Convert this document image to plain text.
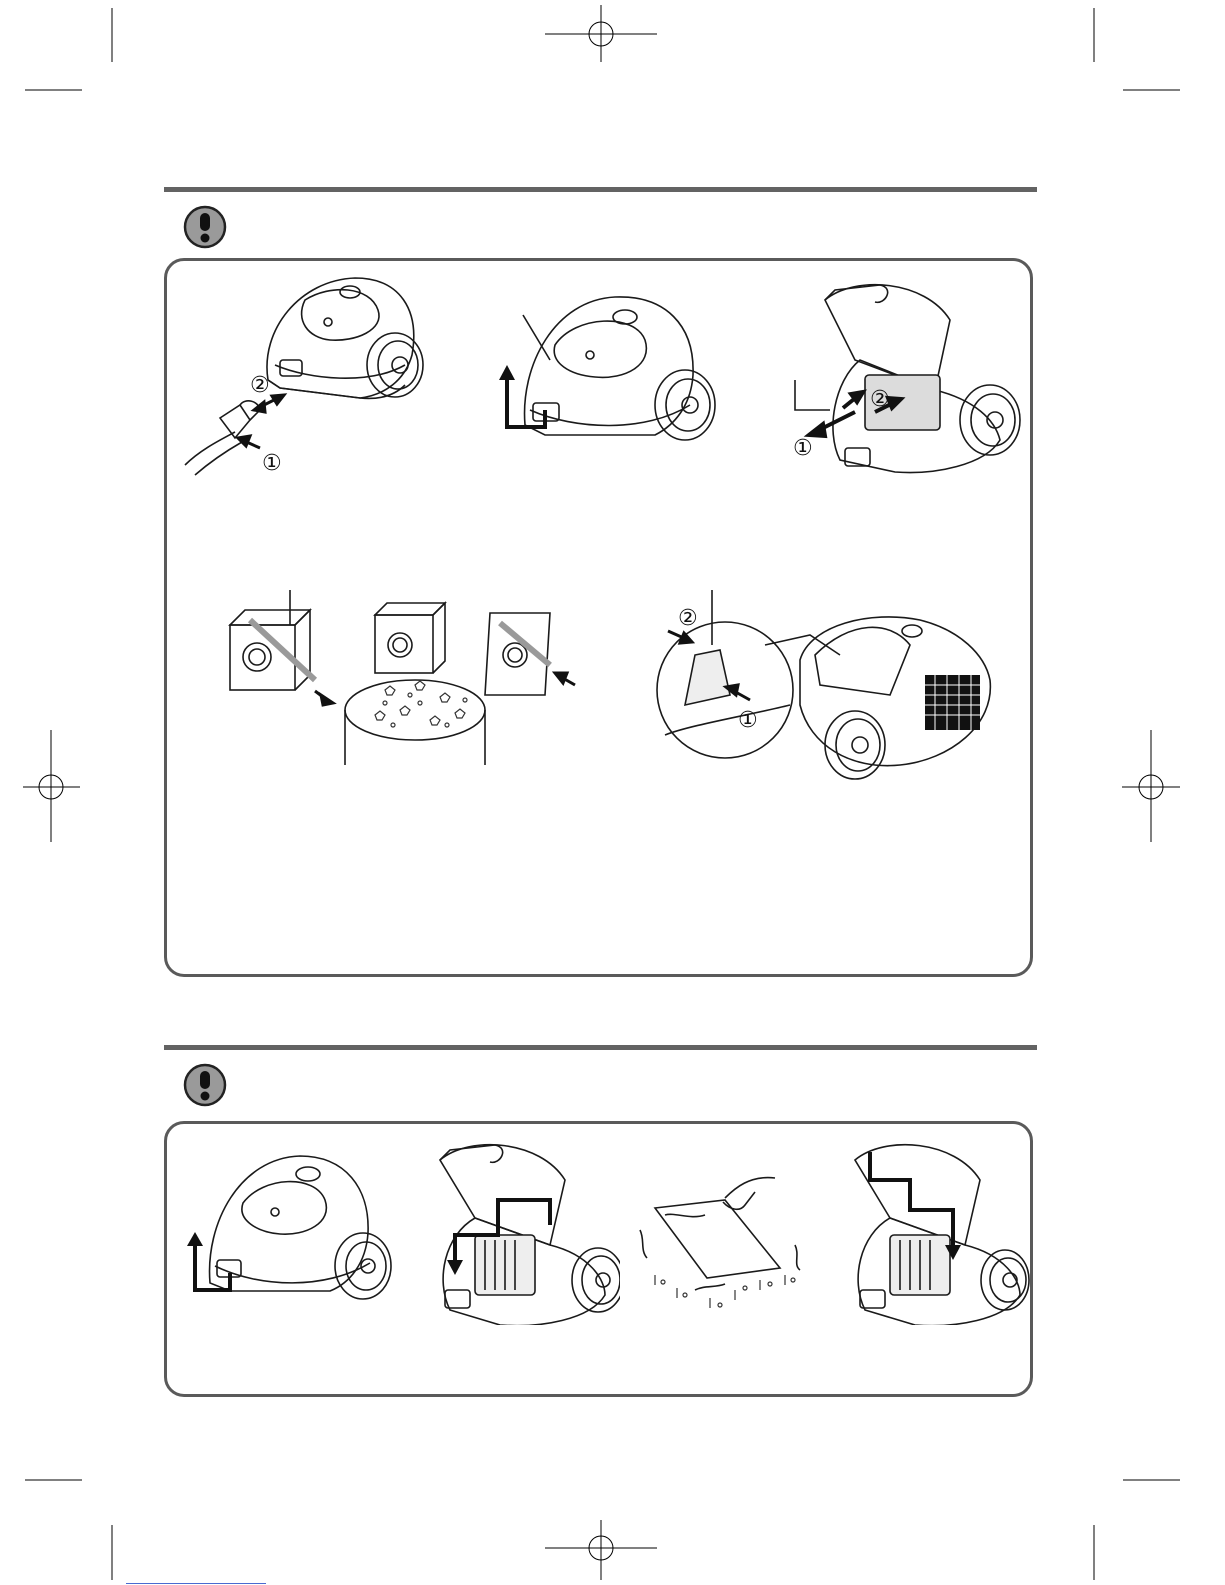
②
①
②
①
②
①
